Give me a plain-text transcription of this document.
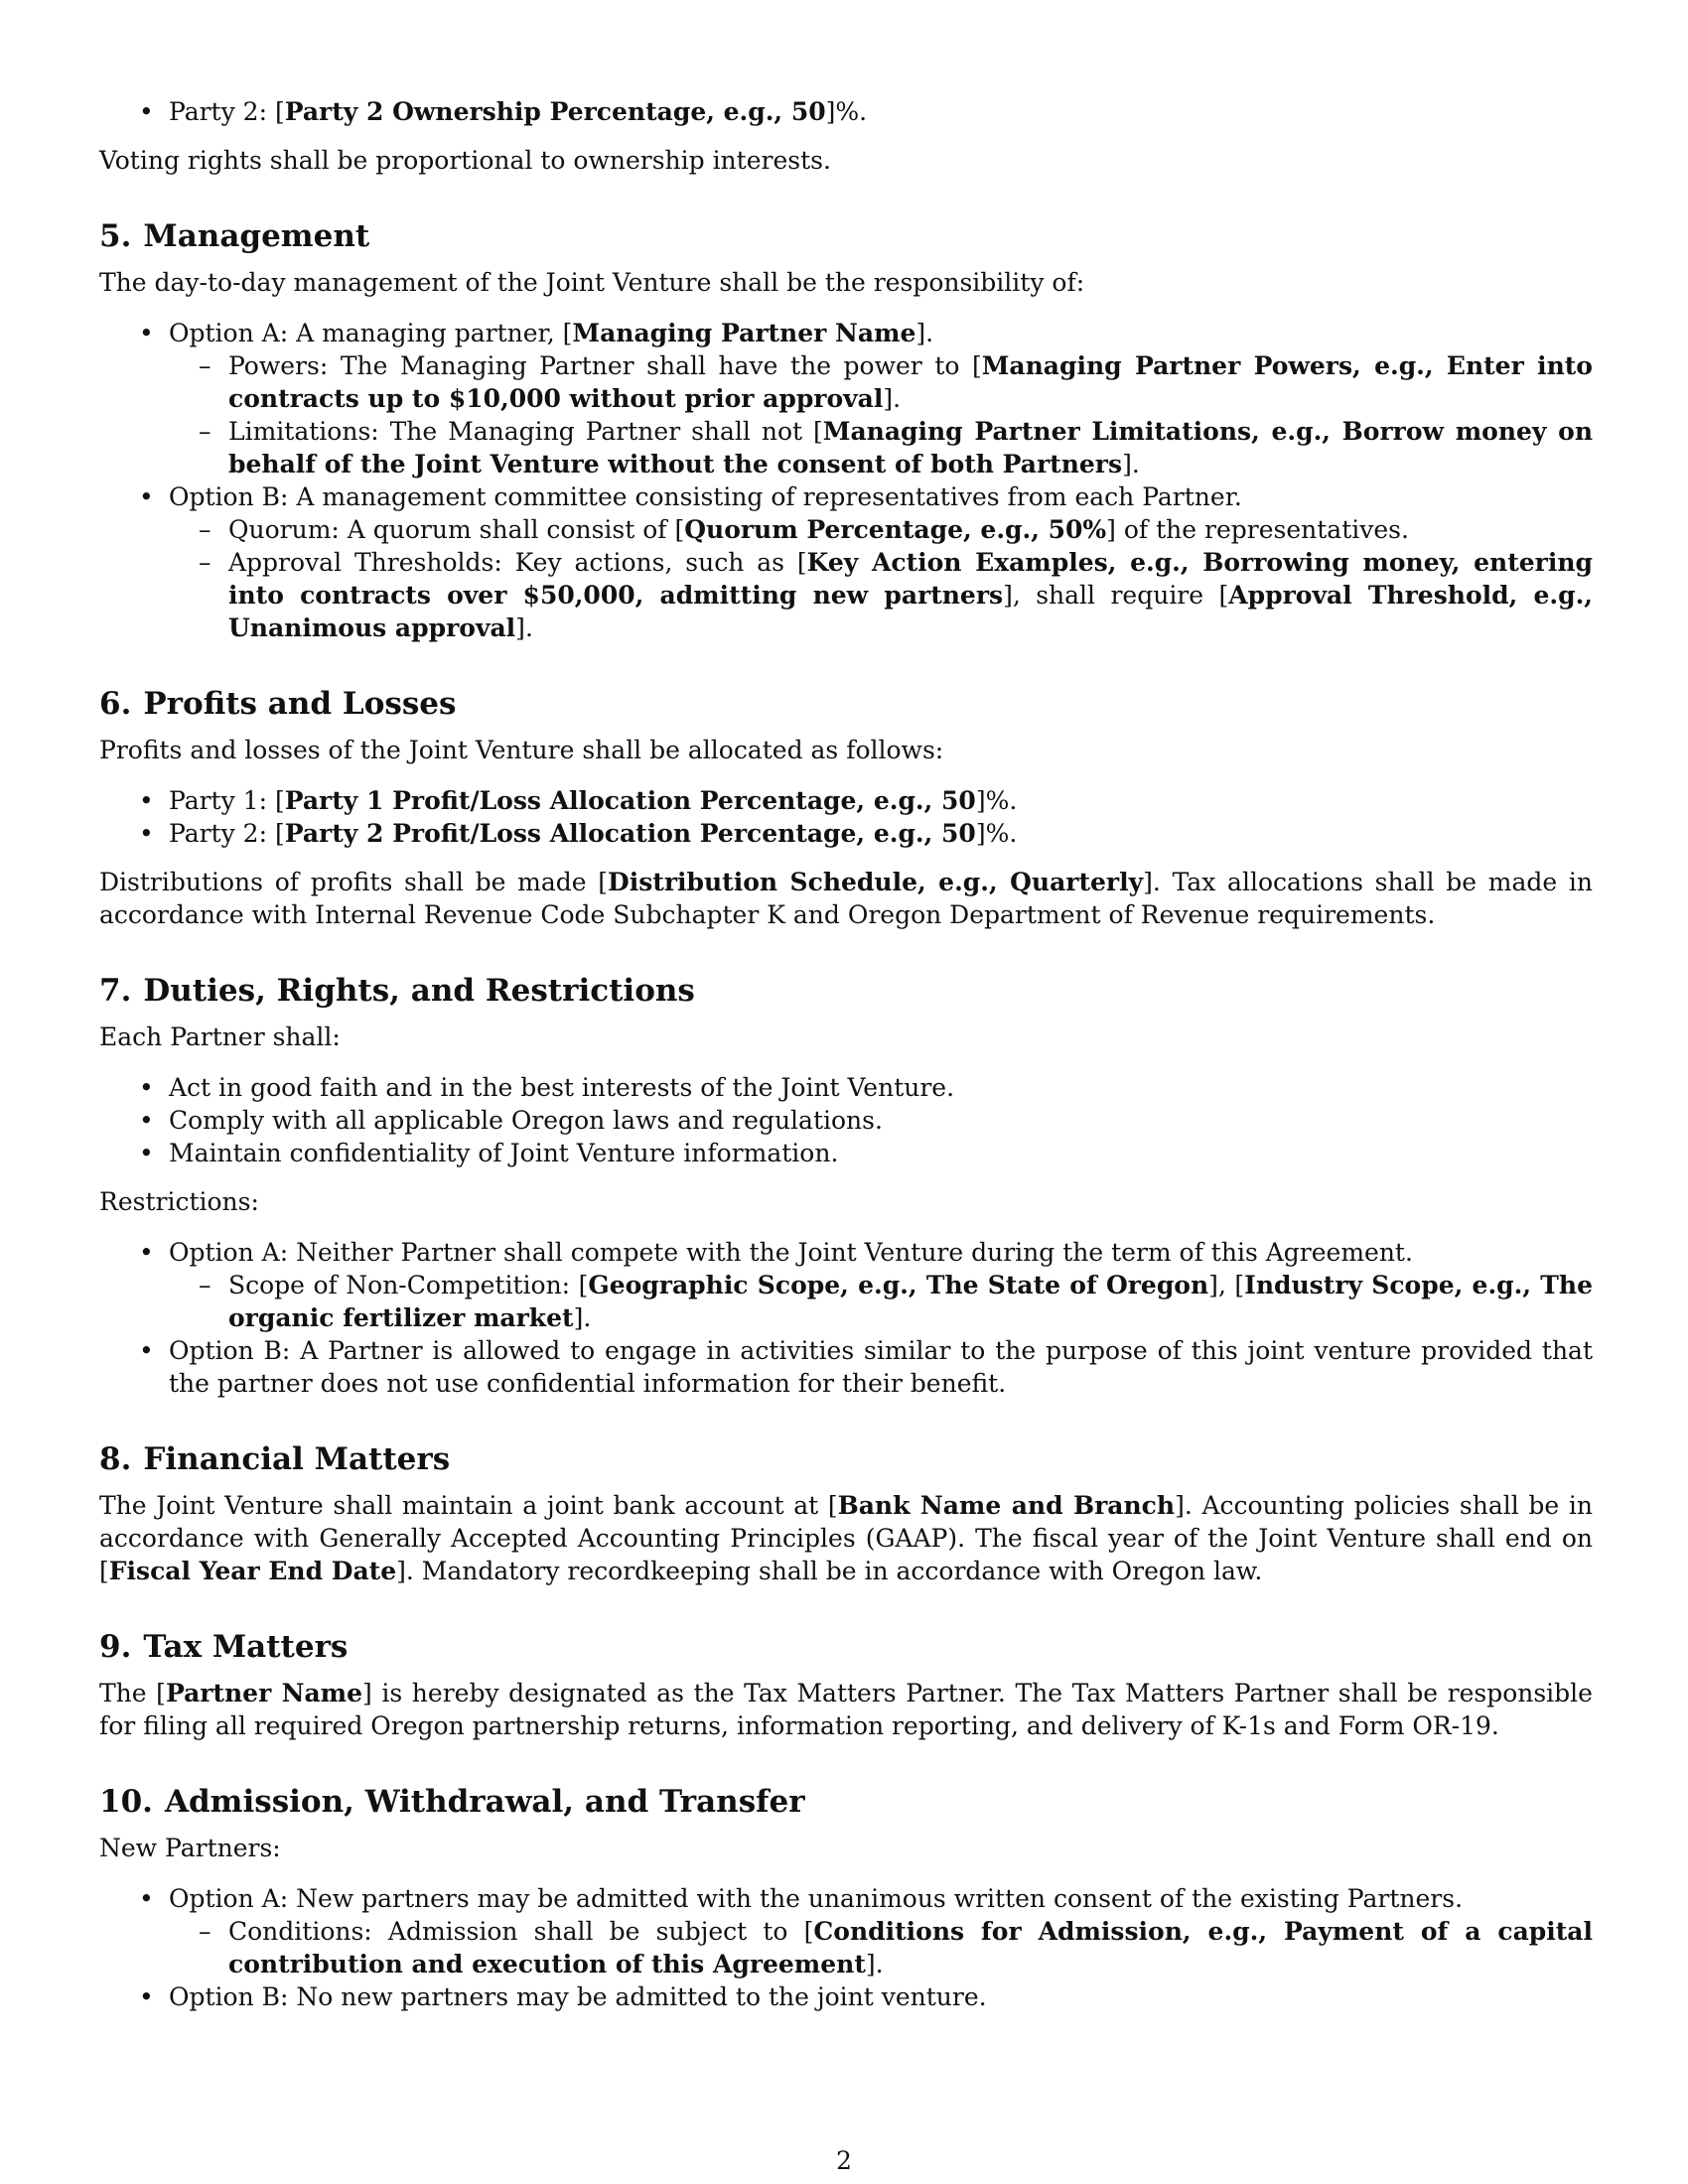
• Party 2: [Party 2 Ownership Percentage, e.g., 50]%.

Voting rights shall be proportional to ownership interests.

5. Management

The day-to-day management of the Joint Venture shall be the responsibility of:

• Option A: A managing partner, [Managing Partner Name].
– Powers: The Managing Partner shall have the power to [Managing Partner Powers, e.g., Enter into contracts up to $10,000 without prior approval].
– Limitations: The Managing Partner shall not [Managing Partner Limitations, e.g., Borrow money on behalf of the Joint Venture without the consent of both Partners].
• Option B: A management committee consisting of representatives from each Partner.
– Quorum: A quorum shall consist of [Quorum Percentage, e.g., 50%] of the representatives.
– Approval Thresholds: Key actions, such as [Key Action Examples, e.g., Borrowing money, entering into contracts over $50,000, admitting new partners], shall require [Approval Threshold, e.g., Unanimous approval].
6. Profits and Losses

Profits and losses of the Joint Venture shall be allocated as follows:

• Party 1: [Party 1 Profit/Loss Allocation Percentage, e.g., 50]%.
• Party 2: [Party 2 Profit/Loss Allocation Percentage, e.g., 50]%.

Distributions of profits shall be made [Distribution Schedule, e.g., Quarterly]. Tax allocations shall be made in accordance with Internal Revenue Code Subchapter K and Oregon Department of Revenue requirements.

7. Duties, Rights, and Restrictions

Each Partner shall:

• Act in good faith and in the best interests of the Joint Venture.
• Comply with all applicable Oregon laws and regulations.
• Maintain confidentiality of Joint Venture information.

Restrictions:

• Option A: Neither Partner shall compete with the Joint Venture during the term of this Agreement.
– Scope of Non-Competition: [Geographic Scope, e.g., The State of Oregon], [Industry Scope, e.g., The organic fertilizer market].
• Option B: A Partner is allowed to engage in activities similar to the purpose of this joint venture provided that the partner does not use confidential information for their benefit.
8. Financial Matters

The Joint Venture shall maintain a joint bank account at [Bank Name and Branch]. Accounting policies shall be in accordance with Generally Accepted Accounting Principles (GAAP). The fiscal year of the Joint Venture shall end on [Fiscal Year End Date]. Mandatory recordkeeping shall be in accordance with Oregon law.

9. Tax Matters

The [Partner Name] is hereby designated as the Tax Matters Partner. The Tax Matters Partner shall be responsible for filing all required Oregon partnership returns, information reporting, and delivery of K-1s and Form OR-19.

10. Admission, Withdrawal, and Transfer

New Partners:

• Option A: New partners may be admitted with the unanimous written consent of the existing Partners.
– Conditions: Admission shall be subject to [Conditions for Admission, e.g., Payment of a capital contribution and execution of this Agreement].
• Option B: No new partners may be admitted to the joint venture.
2
